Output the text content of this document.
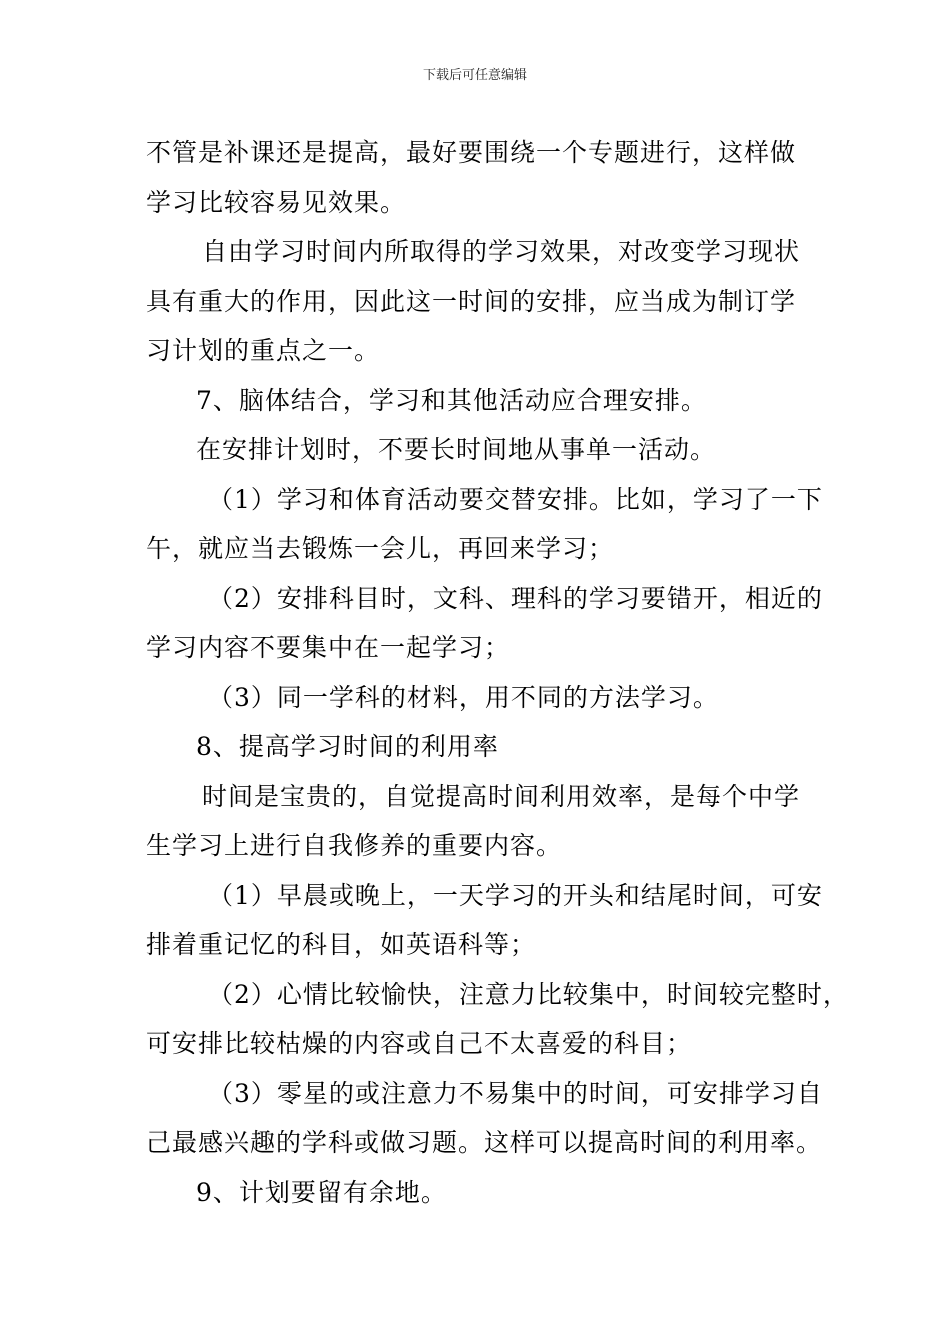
下载后可任意编辑

不管是补课还是提高，最好要围绕一个专题进行，这样做

学习比较容易见效果。

自由学习时间内所取得的学习效果，对改变学习现状

具有重大的作用，因此这一时间的安排，应当成为制订学

习计划的重点之一。

7、脑体结合，学习和其他活动应合理安排。

在安排计划时，不要长时间地从事单一活动。

（1）学习和体育活动要交替安排。比如，学习了一下

午，就应当去锻炼一会儿，再回来学习；

（2）安排科目时，文科、理科的学习要错开，相近的

学习内容不要集中在一起学习；

（3）同一学科的材料，用不同的方法学习。

8、提高学习时间的利用率

时间是宝贵的，自觉提高时间利用效率，是每个中学

生学习上进行自我修养的重要内容。

（1）早晨或晚上，一天学习的开头和结尾时间，可安

排着重记忆的科目，如英语科等；

（2）心情比较愉快，注意力比较集中，时间较完整时，

可安排比较枯燥的内容或自己不太喜爱的科目；

（3）零星的或注意力不易集中的时间，可安排学习自

己最感兴趣的学科或做习题。这样可以提高时间的利用率。

9、计划要留有余地。
